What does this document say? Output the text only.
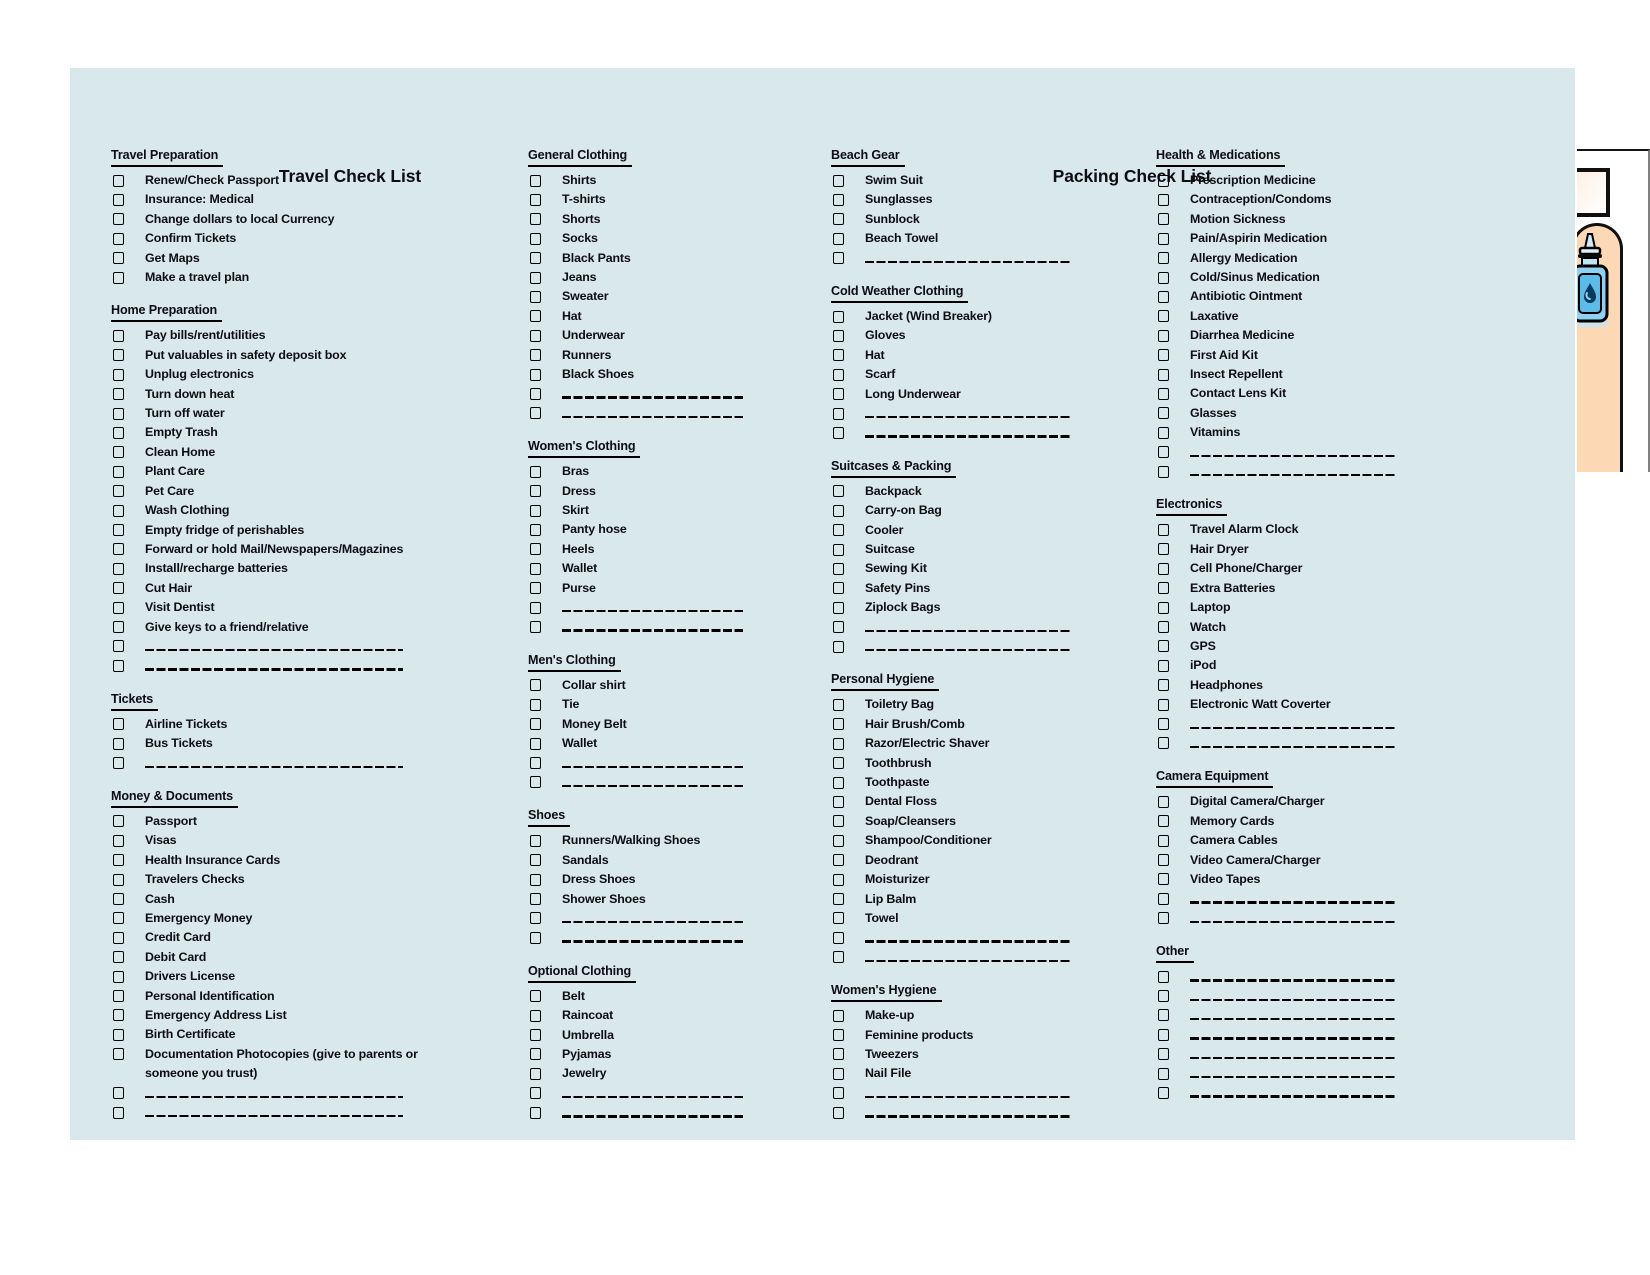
Travel Check List	Packing Check List
Travel Preparation
Renew/Check Passport
Insurance: Medical
Change dollars to local Currency
Confirm Tickets
Get Maps
Make a travel plan
Home Preparation
Pay bills/rent/utilities
Put valuables in safety deposit box
Unplug electronics
Turn down heat
Turn off water
Empty Trash
Clean Home
Plant Care
Pet Care
Wash Clothing
Empty fridge of perishables
Forward or hold Mail/Newspapers/Magazines
Install/recharge batteries
Cut Hair
Visit Dentist
Give keys to a friend/relative
Tickets
Airline Tickets
Bus Tickets
Money & Documents
Passport
Visas
Health Insurance Cards
Travelers Checks
Cash
Emergency Money
Credit Card
Debit Card
Drivers License
Personal Identification
Emergency Address List
Birth Certificate
Documentation Photocopies (give to parents or someone you trust)
General Clothing
Shirts
T-shirts
Shorts
Socks
Black Pants
Jeans
Sweater
Hat
Underwear
Runners
Black Shoes
Women's Clothing
Bras
Dress
Skirt
Panty hose
Heels
Wallet
Purse
Men's Clothing
Collar shirt
Tie
Money Belt
Wallet
Shoes
Runners/Walking Shoes
Sandals
Dress Shoes
Shower Shoes
Optional Clothing
Belt
Raincoat
Umbrella
Pyjamas
Jewelry
Beach Gear
Swim Suit
Sunglasses
Sunblock
Beach Towel
Cold Weather Clothing
Jacket (Wind Breaker)
Gloves
Hat
Scarf
Long Underwear
Suitcases & Packing
Backpack
Carry-on Bag
Cooler
Suitcase
Sewing Kit
Safety Pins
Ziplock Bags
Personal Hygiene
Toiletry Bag
Hair Brush/Comb
Razor/Electric Shaver
Toothbrush
Toothpaste
Dental Floss
Soap/Cleansers
Shampoo/Conditioner
Deodrant
Moisturizer
Lip Balm
Towel
Women's Hygiene
Make-up
Feminine products
Tweezers
Nail File
Health & Medications
Prescription Medicine
Contraception/Condoms
Motion Sickness
Pain/Aspirin Medication
Allergy Medication
Cold/Sinus Medication
Antibiotic Ointment
Laxative
Diarrhea Medicine
First Aid Kit
Insect Repellent
Contact Lens Kit
Glasses
Vitamins
Electronics
Travel Alarm Clock
Hair Dryer
Cell Phone/Charger
Extra Batteries
Laptop
Watch
GPS
iPod
Headphones
Electronic Watt Coverter
Camera Equipment
Digital Camera/Charger
Memory Cards
Camera Cables
Video Camera/Charger
Video Tapes
Other
